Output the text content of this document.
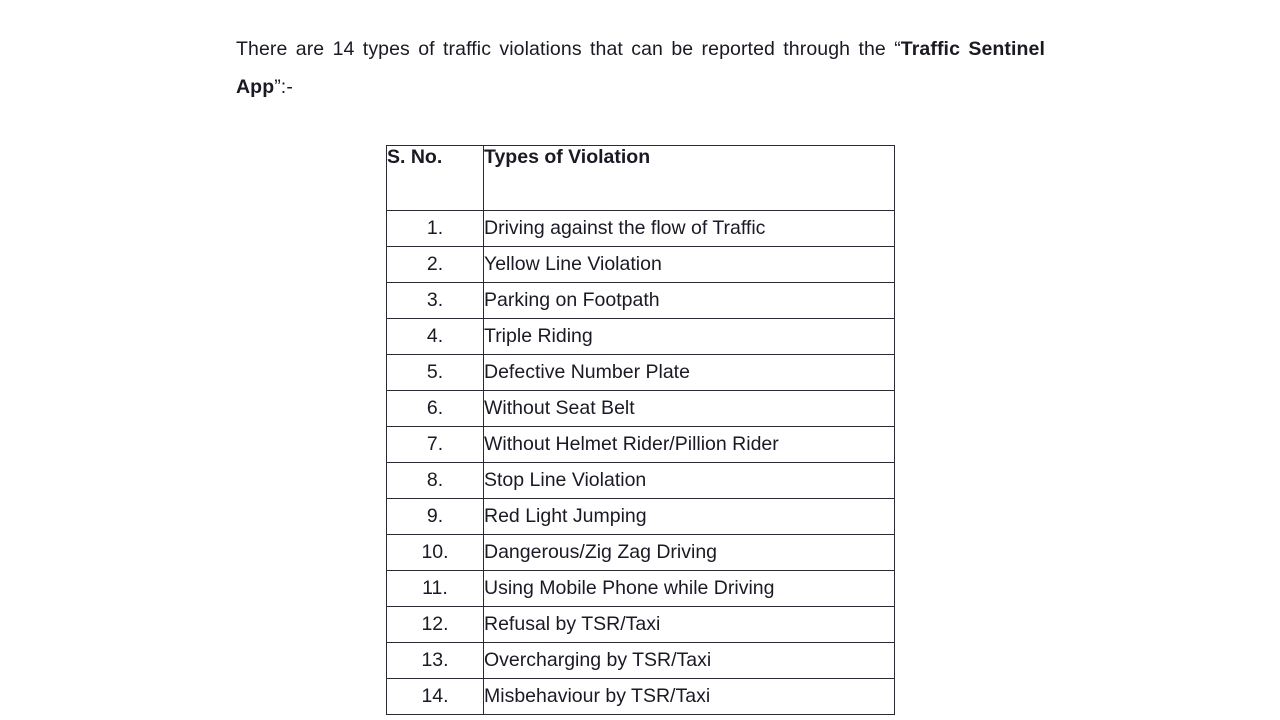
There are 14 types of traffic violations that can be reported through the “Traffic Sentinel App”:-

S. No.	Types of Violation
1.	Driving against the flow of Traffic
2.	Yellow Line Violation
3.	Parking on Footpath
4.	Triple Riding
5.	Defective Number Plate
6.	Without Seat Belt
7.	Without Helmet Rider/Pillion Rider
8.	Stop Line Violation
9.	Red Light Jumping
10.	Dangerous/Zig Zag Driving
11.	Using Mobile Phone while Driving
12.	Refusal by TSR/Taxi
13.	Overcharging by TSR/Taxi
14.	Misbehaviour by TSR/Taxi
